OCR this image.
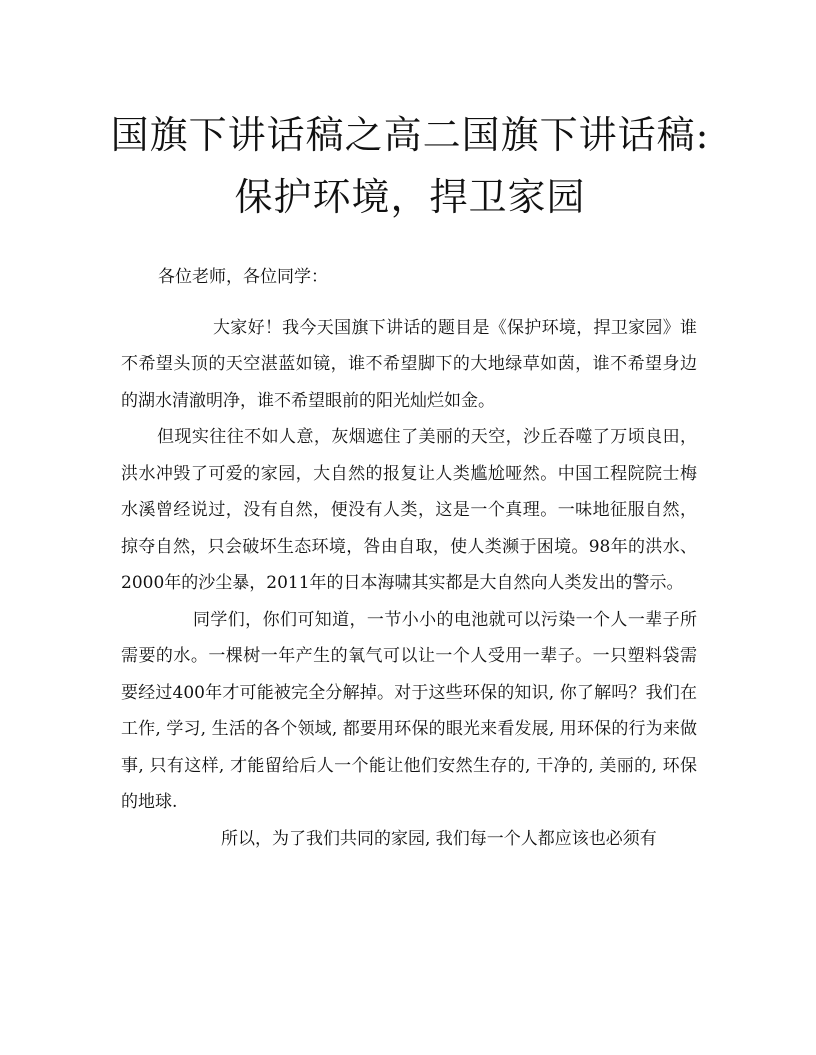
国旗下讲话稿之高二国旗下讲话稿: 保护环境，捍卫家园

各位老师，各位同学：

大家好！我今天国旗下讲话的题目是《保护环境，捍卫家园》谁不希望头顶的天空湛蓝如镜，谁不希望脚下的大地绿草如茵，谁不希望身边的湖水清澈明净，谁不希望眼前的阳光灿烂如金。

但现实往往不如人意，灰烟遮住了美丽的天空，沙丘吞噬了万顷良田，洪水冲毁了可爱的家园，大自然的报复让人类尴尬哑然。中国工程院院士梅水溪曾经说过，没有自然，便没有人类，这是一个真理。一味地征服自然，掠夺自然，只会破坏生态环境，咎由自取，使人类濒于困境。98年的洪水、2000年的沙尘暴，2011年的日本海啸其实都是大自然向人类发出的警示。

同学们，你们可知道，一节小小的电池就可以污染一个人一辈子所需要的水。一棵树一年产生的氧气可以让一个人受用一辈子。一只塑料袋需要经过400年才可能被完全分解掉。对于这些环保的知识, 你了解吗？我们在工作, 学习, 生活的各个领域, 都要用环保的眼光来看发展, 用环保的行为来做事, 只有这样, 才能留给后人一个能让他们安然生存的, 干净的, 美丽的, 环保的地球.

所以，为了我们共同的家园, 我们每一个人都应该也必须有
